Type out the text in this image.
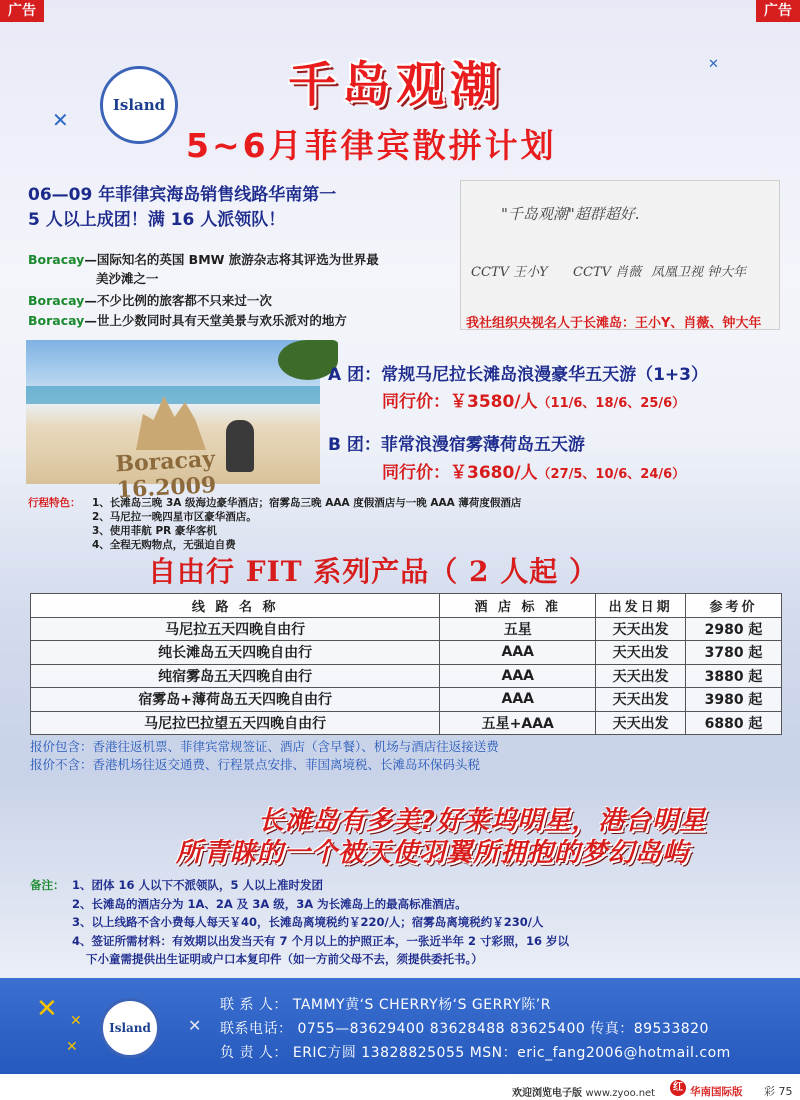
广告	广告
Island
✕
✕
千岛观潮
5~6月菲律宾散拼计划
06—09 年菲律宾海岛销售线路华南第一
5 人以上成团！满 16 人派领队！
Boracay—国际知名的英国 BMW 旅游杂志将其评选为世界最
美沙滩之一
Boracay—不少比例的旅客都不只来过一次
Boracay—世上少数同时具有天堂美景与欢乐派对的地方
"千岛观潮"超群超好.
CCTV 王小Y CCTV 肖薇 凤凰卫视 钟大年
我社组织央视名人于长滩岛：王小Y、肖薇、钟大年
Boracay 16.2009
A 团：常规马尼拉长滩岛浪漫豪华五天游（1+3）
同行价：￥3580/人（11/6、18/6、25/6）
B 团：菲常浪漫宿雾薄荷岛五天游
同行价：￥3680/人（27/5、10/6、24/6）
行程特色： 1、长滩岛三晚 3A 级海边豪华酒店；宿雾岛三晚 AAA 度假酒店与一晚 AAA 薄荷度假酒店
2、马尼拉一晚四星市区豪华酒店。
3、使用菲航 PR 豪华客机
4、全程无购物点，无强迫自费
自由行 FIT 系列产品（ 2 人起 ）
线 路 名 称	酒 店 标 准	出发日期	参考价
马尼拉五天四晚自由行	五星	天天出发	2980 起
纯长滩岛五天四晚自由行	AAA	天天出发	3780 起
纯宿雾岛五天四晚自由行	AAA	天天出发	3880 起
宿雾岛+薄荷岛五天四晚自由行	AAA	天天出发	3980 起
马尼拉巴拉望五天四晚自由行	五星+AAA	天天出发	6880 起
报价包含：香港往返机票、菲律宾常规签证、酒店（含早餐）、机场与酒店往返接送费
报价不含：香港机场往返交通费、行程景点安排、菲国离境税、长滩岛环保码头税
长滩岛有多美?好莱坞明星，港台明星
所青睐的一个被天使羽翼所拥抱的梦幻岛屿
备注： 1、团体 16 人以下不派领队，5 人以上准时发团
2、长滩岛的酒店分为 1A、2A 及 3A 级，3A 为长滩岛上的最高标准酒店。
3、以上线路不含小费每人每天￥40，长滩岛离境税约￥220/人；宿雾岛离境税约￥230/人
4、签证所需材料：有效期以出发当天有 7 个月以上的护照正本，一张近半年 2 寸彩照，16 岁以
下小童需提供出生证明或户口本复印件（如一方前父母不去，须提供委托书。）
✕ ✕
✕
Island	✕
联 系 人： TAMMY黄‘S CHERRY杨‘S GERRY陈’R
联系电话： 0755—83629400 83628488 83625400 传真：89533820
负 责 人： ERIC方圆 13828825055 MSN：eric_fang2006@hotmail.com
欢迎浏览电子版 www.zyoo.net
红 华南国际版 彩 75
